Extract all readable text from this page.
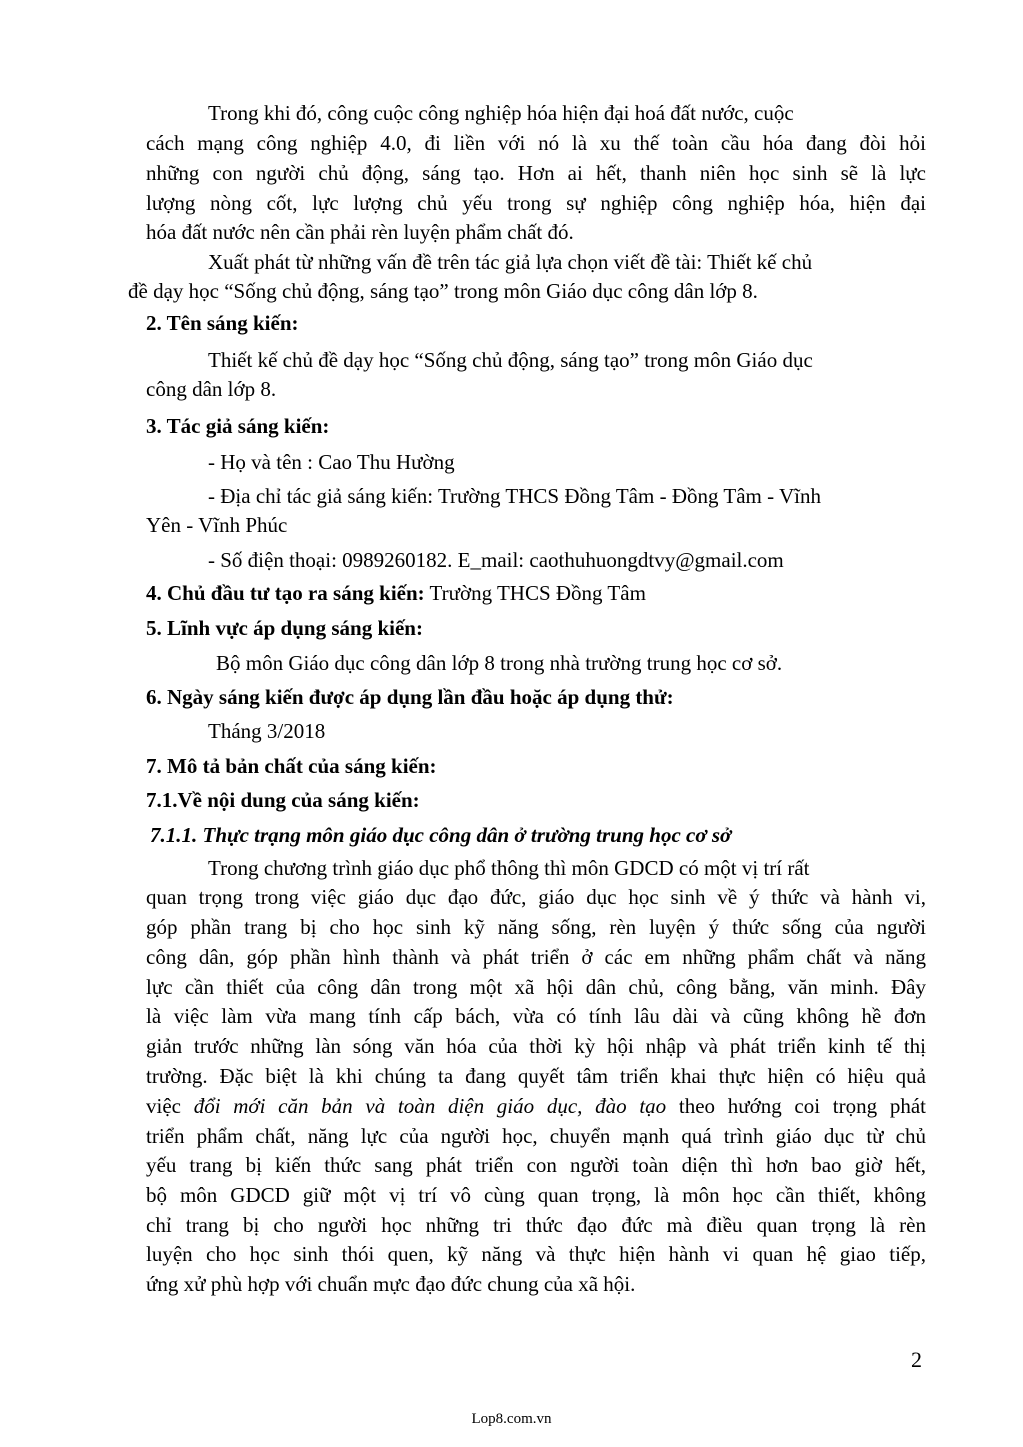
Trong khi đó, công cuộc công nghiệp hóa hiện đại hoá đất nước, cuộc
cách mạng công nghiệp 4.0, đi liền với nó là xu thế toàn cầu hóa đang đòi hỏi
những con người chủ động, sáng tạo. Hơn ai hết, thanh niên học sinh sẽ là lực
lượng nòng cốt, lực lượng chủ yếu trong sự nghiệp công nghiệp hóa, hiện đại
hóa đất nước nên cần phải rèn luyện phẩm chất đó.
Xuất phát từ những vấn đề trên tác giả lựa chọn viết đề tài: Thiết kế chủ
đề dạy học “Sống chủ động, sáng tạo” trong môn Giáo dục công dân lớp 8.
2. Tên sáng kiến:
Thiết kế chủ đề dạy học “Sống chủ động, sáng tạo” trong môn Giáo dục
công dân lớp 8.
3. Tác giả sáng kiến:
- Họ và tên : Cao Thu Hường
- Địa chỉ tác giả sáng kiến: Trường THCS Đồng Tâm - Đồng Tâm - Vĩnh
Yên - Vĩnh Phúc
- Số điện thoại: 0989260182. E_mail: caothuhuongdtvy@gmail.com
4. Chủ đầu tư tạo ra sáng kiến: Trường THCS Đồng Tâm
5. Lĩnh vực áp dụng sáng kiến:
Bộ môn Giáo dục công dân lớp 8 trong nhà trường trung học cơ sở.
6. Ngày sáng kiến được áp dụng lần đầu hoặc áp dụng thử:
Tháng 3/2018
7. Mô tả bản chất của sáng kiến:
7.1.Về nội dung của sáng kiến:
7.1.1. Thực trạng môn giáo dục công dân ở trường trung học cơ sở
Trong chương trình giáo dục phổ thông thì môn GDCD có một vị trí rất
quan trọng trong việc giáo dục đạo đức, giáo dục học sinh về ý thức và hành vi,
góp phần trang bị cho học sinh kỹ năng sống, rèn luyện ý thức sống của người
công dân, góp phần hình thành và phát triển ở các em những phẩm chất và năng
lực cần thiết của công dân trong một xã hội dân chủ, công bằng, văn minh. Đây
là việc làm vừa mang tính cấp bách, vừa có tính lâu dài và cũng không hề đơn
giản trước những làn sóng văn hóa của thời kỳ hội nhập và phát triển kinh tế thị
trường. Đặc biệt là khi chúng ta đang quyết tâm triển khai thực hiện có hiệu quả
việc đổi mới căn bản và toàn diện giáo dục, đào tạo theo hướng coi trọng phát
triển phẩm chất, năng lực của người học, chuyển mạnh quá trình giáo dục từ chủ
yếu trang bị kiến thức sang phát triển con người toàn diện thì hơn bao giờ hết,
bộ môn GDCD giữ một vị trí vô cùng quan trọng, là môn học cần thiết, không
chỉ trang bị cho người học những tri thức đạo đức mà điều quan trọng là rèn
luyện cho học sinh thói quen, kỹ năng và thực hiện hành vi quan hệ giao tiếp,
ứng xử phù hợp với chuẩn mực đạo đức chung của xã hội.
2
Lop8.com.vn
